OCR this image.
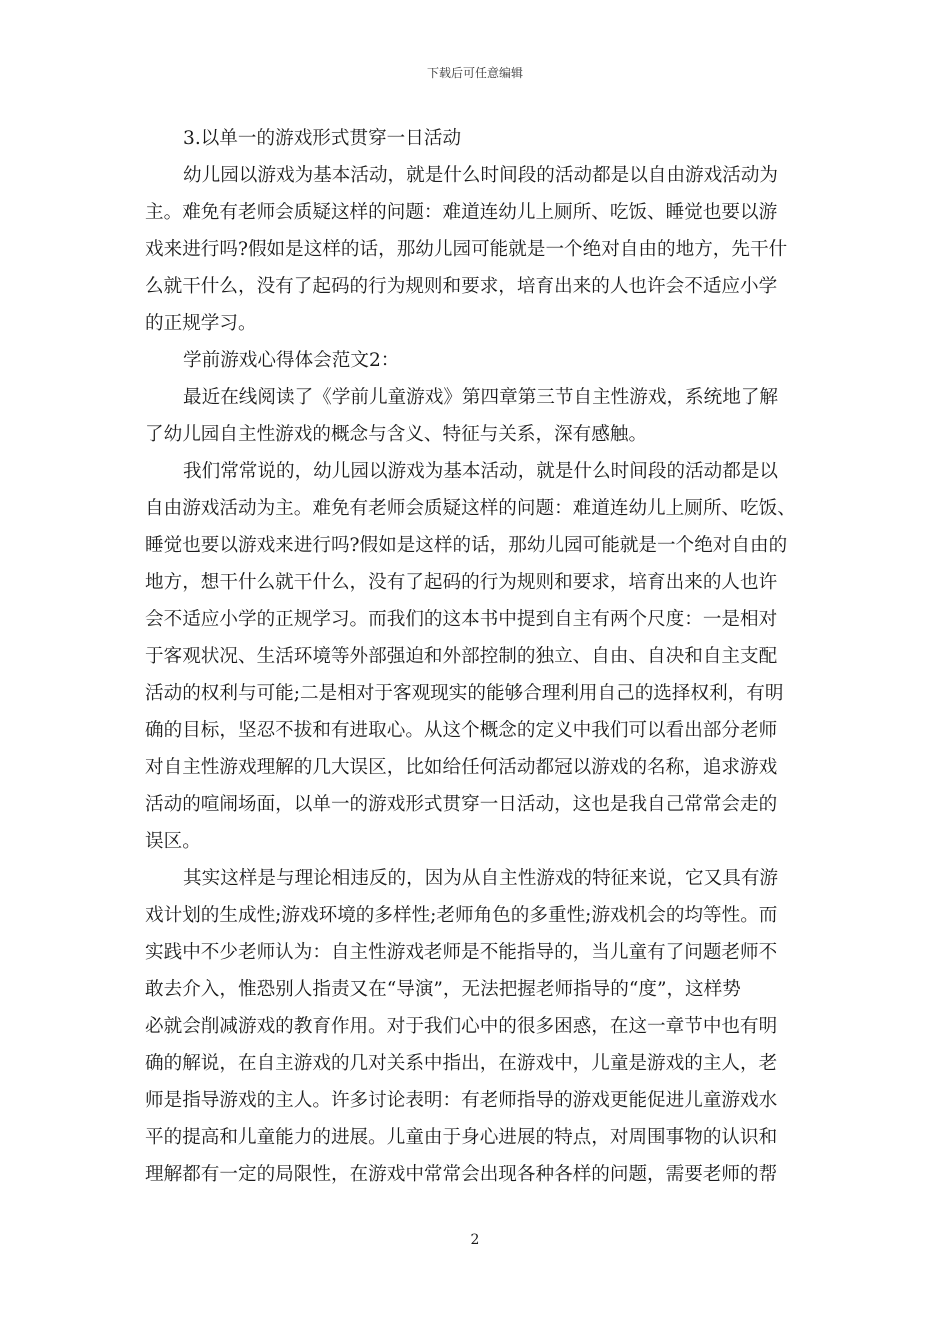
下载后可任意编辑
3.以单一的游戏形式贯穿一日活动
幼儿园以游戏为基本活动，就是什么时间段的活动都是以自由游戏活动为
主。难免有老师会质疑这样的问题：难道连幼儿上厕所、吃饭、睡觉也要以游
戏来进行吗?假如是这样的话，那幼儿园可能就是一个绝对自由的地方，先干什
么就干什么，没有了起码的行为规则和要求，培育出来的人也许会不适应小学
的正规学习。
学前游戏心得体会范文2：
最近在线阅读了《学前儿童游戏》第四章第三节自主性游戏，系统地了解
了幼儿园自主性游戏的概念与含义、特征与关系，深有感触。
我们常常说的，幼儿园以游戏为基本活动，就是什么时间段的活动都是以
自由游戏活动为主。难免有老师会质疑这样的问题：难道连幼儿上厕所、吃饭、
睡觉也要以游戏来进行吗?假如是这样的话，那幼儿园可能就是一个绝对自由的
地方，想干什么就干什么，没有了起码的行为规则和要求，培育出来的人也许
会不适应小学的正规学习。而我们的这本书中提到自主有两个尺度：一是相对
于客观状况、生活环境等外部强迫和外部控制的独立、自由、自决和自主支配
活动的权利与可能;二是相对于客观现实的能够合理利用自己的选择权利，有明
确的目标，坚忍不拔和有进取心。从这个概念的定义中我们可以看出部分老师
对自主性游戏理解的几大误区，比如给任何活动都冠以游戏的名称，追求游戏
活动的喧闹场面，以单一的游戏形式贯穿一日活动，这也是我自己常常会走的
误区。
其实这样是与理论相违反的，因为从自主性游戏的特征来说，它又具有游
戏计划的生成性;游戏环境的多样性;老师角色的多重性;游戏机会的均等性。而
实践中不少老师认为：自主性游戏老师是不能指导的，当儿童有了问题老师不
敢去介入，惟恐别人指责又在“导演”，无法把握老师指导的“度”，这样势
必就会削减游戏的教育作用。对于我们心中的很多困惑，在这一章节中也有明
确的解说，在自主游戏的几对关系中指出，在游戏中，儿童是游戏的主人，老
师是指导游戏的主人。许多讨论表明：有老师指导的游戏更能促进儿童游戏水
平的提高和儿童能力的进展。儿童由于身心进展的特点，对周围事物的认识和
理解都有一定的局限性，在游戏中常常会出现各种各样的问题，需要老师的帮
2
